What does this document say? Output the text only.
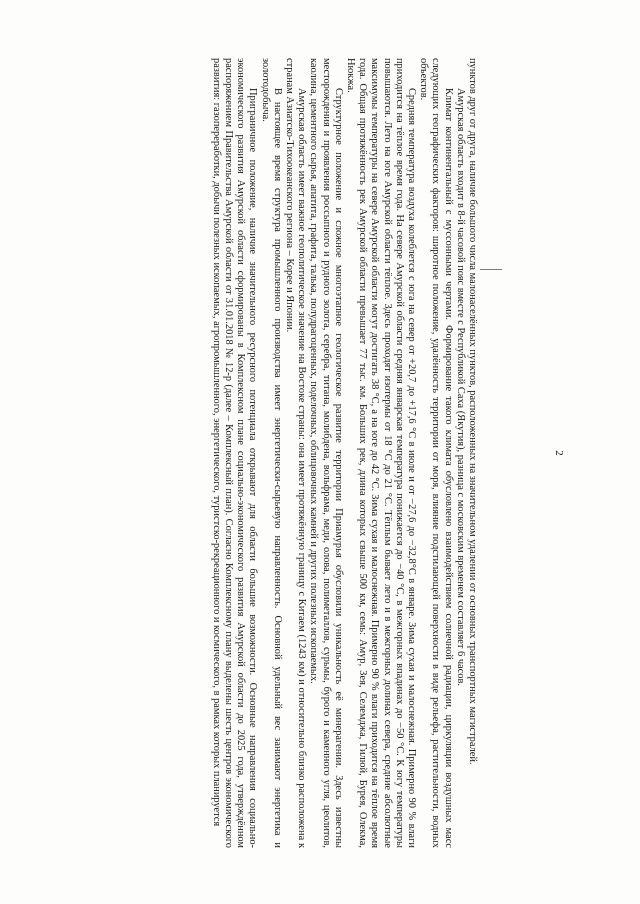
2

пунктов друг от друга, наличие большого числа малонаселённых пунктов, расположенных на значительном удалении от основных транспортных магистралей.

Амурская область входит в 8-й часовой пояс вместе с Республикой Саха (Якутия), разница с московским временем составляет 6 часов.

Климат континентальный с муссонными чертами. Формирование такого климата обусловлено взаимодействием солнечной радиации, циркуляции воздушных масс следующих географических факторов: широтное положение, удалённость территории от моря, влияние подстилающей поверхности в виде рельефа, растительности, водных объектов.

Средняя температура воздуха колеблется с юга на север от +20,7 до +17,6 °С в июле и от −27,6 до −32,8°С в январе. Зима сухая и малоснежная. Примерно 90 % влаги приходится на тёплое время года. На севере Амурской области средняя январская температура понижается до −40 °С, в межгорных впадинах до −50 °С. К югу температуры повышаются. Лето на юге Амурской области тёплое. Здесь проходят изотермы от 18 °С до 21 °С. Тёплым бывает лето и в межгорных долинах севера, средние абсолютные максимумы температуры на севере Амурской области могут достигать 38 °С, а на юге до 42 °С. Зима сухая и малоснежная. Примерно 90 % влаги приходится на тёплое время года. Общая протяжённость рек Амурской области превышает 77 тыс. км. Больших рек, длина которых свыше 500 км, семь: Амур, Зея, Селемджа, Гилюй, Бурея, Олекма, Нюкжа.

Структурное положение и сложное многоэтапное геологическое развитие территории Приамурья обусловили уникальность её минерагении. Здесь известны месторождения и проявления россыпного и рудного золота, серебра, титана, молибдена, вольфрама, меди, олова, полиметаллов, сурьмы, бурого и каменного угля, цеолитов, каолина, цементного сырья, апатита, графита, талька, полудрагоценных, поделочных, облицовочных камней и других полезных ископаемых.

Амурская область имеет важное геополитическое значение на Востоке страны: она имеет протяжённую границу с Китаем (1243 км) и относительно близко расположена к странам Азиатско-Тихоокеанского региона – Корее и Японии.

В настоящее время структура промышленного производства имеет энергетически-сырьевую направленность. Основной удельный вес занимают энергетика и золотодобыча.

Приграничное положение, наличие значительного ресурсного потенциала открывают для области большие возможности. Основные направления социально-экономического развития Амурской области сформированы в Комплексном плане социально-экономического развития Амурской области до 2025 года, утверждённом распоряжением Правительства Амурской области от 31.01.2018 № 12-р (далее – Комплексный план). Согласно Комплексному плану выделены шесть центров экономического развития: газопереработки, добычи полезных ископаемых, агропромышленного, энергетического, туристско-рекреационного и космического, в рамках которых планируется
